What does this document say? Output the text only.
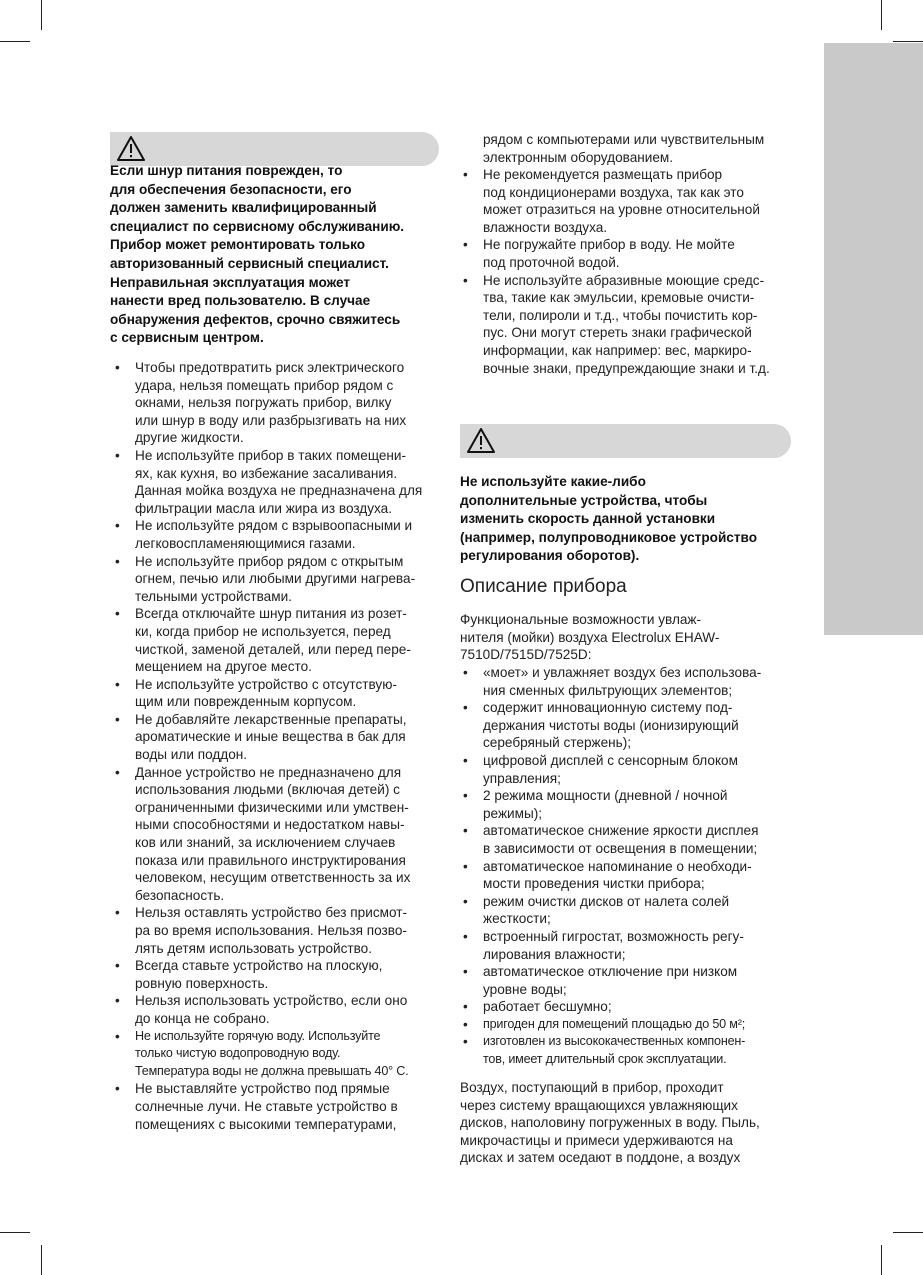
Если шнур питания поврежден, то
для обеспечения безопасности, его
должен заменить квалифицированный
специалист по сервисному обслуживанию.
Прибор может ремонтировать только
авторизованный сервисный специалист.
Неправильная эксплуатация может
нанести вред пользователю. В случае
обнаружения дефектов, срочно свяжитесь
с сервисным центром.
• Чтобы предотвратить риск электрического
удара, нельзя помещать прибор рядом с
окнами, нельзя погружать прибор, вилку
или шнур в воду или разбрызгивать на них
другие жидкости.
• Не используйте прибор в таких помещени-
ях, как кухня, во избежание засаливания.
Данная мойка воздуха не предназначена для
фильтрации масла или жира из воздуха.
• Не используйте рядом с взрывоопасными и
легковоспламеняющимися газами.
• Не используйте прибор рядом с открытым
огнем, печью или любыми другими нагрева-
тельными устройствами.
• Всегда отключайте шнур питания из розет-
ки, когда прибор не используется, перед
чисткой, заменой деталей, или перед пере-
мещением на другое место.
• Не используйте устройство с отсутствую-
щим или поврежденным корпусом.
• Не добавляйте лекарственные препараты,
ароматические и иные вещества в бак для
воды или поддон.
• Данное устройство не предназначено для
использования людьми (включая детей) с
ограниченными физическими или умствен-
ными способностями и недостатком навы-
ков или знаний, за исключением случаев
показа или правильного инструктирования
человеком, несущим ответственность за их
безопасность.
• Нельзя оставлять устройство без присмот-
ра во время использования. Нельзя позво-
лять детям использовать устройство.
• Всегда ставьте устройство на плоскую,
ровную поверхность.
• Нельзя использовать устройство, если оно
до конца не собрано.
• Не используйте горячую воду. Используйте
только чистую водопроводную воду.
Температура воды не должна превышать 40° С.
• Не выставляйте устройство под прямые
солнечные лучи. Не ставьте устройство в
помещениях с высокими температурами,
рядом с компьютерами или чувствительным
электронным оборудованием.
• Не рекомендуется размещать прибор
под кондиционерами воздуха, так как это
может отразиться на уровне относительной
влажности воздуха.
• Не погружайте прибор в воду. Не мойте
под проточной водой.
• Не используйте абразивные моющие средс-
тва, такие как эмульсии, кремовые очисти-
тели, полироли и т.д., чтобы почистить кор-
пус. Они могут стереть знаки графической
информации, как например: вес, маркиро-
вочные знаки, предупреждающие знаки и т.д.
Не используйте какие-либо
дополнительные устройства, чтобы
изменить скорость данной установки
(например, полупроводниковое устройство
регулирования оборотов).
Описание прибора
Функциональные возможности увлаж-
нителя (мойки) воздуха Electrolux EHAW-
7510D/7515D/7525D:
• «моет» и увлажняет воздух без использова-
ния сменных фильтрующих элементов;
• содержит инновационную систему под-
держания чистоты воды (ионизирующий
серебряный стержень);
• цифровой дисплей с сенсорным блоком
управления;
• 2 режима мощности (дневной / ночной
режимы);
• автоматическое снижение яркости дисплея
в зависимости от освещения в помещении;
• автоматическое напоминание о необходи-
мости проведения чистки прибора;
• режим очистки дисков от налета солей
жесткости;
• встроенный гигростат, возможность регу-
лирования влажности;
• автоматическое отключение при низком
уровне воды;
• работает бесшумно;
• пригоден для помещений площадью до 50 м²;
• изготовлен из высококачественных компонен-
тов, имеет длительный срок эксплуатации.
Воздух, поступающий в прибор, проходит
через систему вращающихся увлажняющих
дисков, наполовину погруженных в воду. Пыль,
микрочастицы и примеси удерживаются на
дисках и затем оседают в поддоне, а воздух
